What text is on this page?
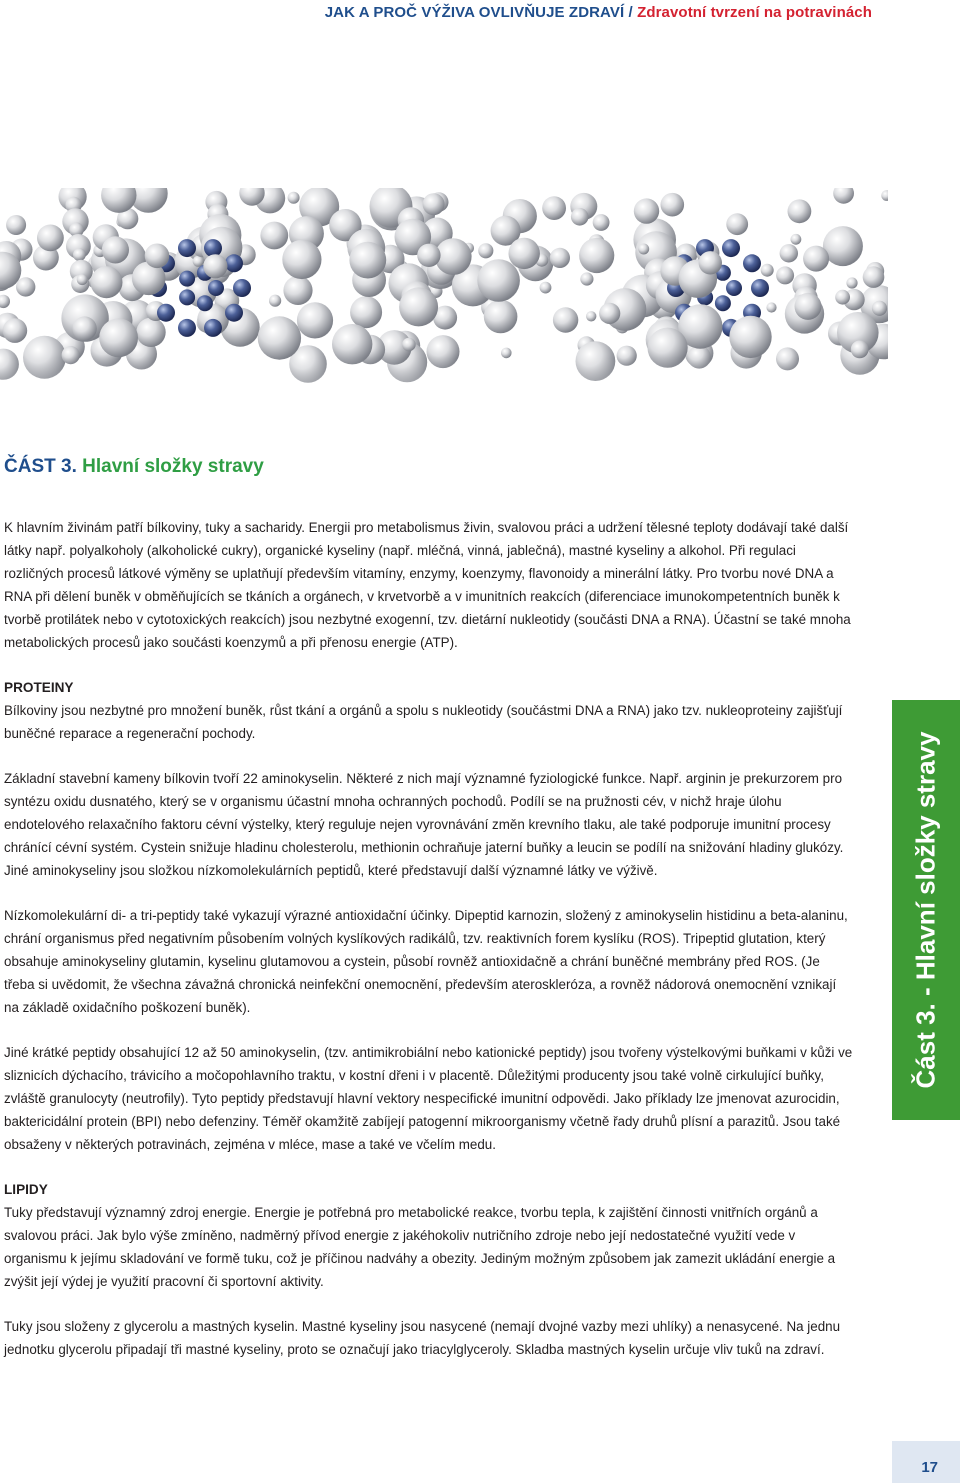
JAK A PROČ VÝŽIVA OVLIVŇUJE ZDRAVÍ / Zdravotní tvrzení na potravinách
ČÁST 3. Hlavní složky stravy

K hlavním živinám patří bílkoviny, tuky a sacharidy. Energii pro metabolismus živin, svalovou práci a udržení tělesné teploty dodávají také další látky např. polyalkoholy (alkoholické cukry), organické kyseliny (např. mléčná, vinná, jablečná), mastné kyseliny a alkohol. Při regulaci rozličných procesů látkové výměny se uplatňují především vitamíny, enzymy, koenzymy, flavonoidy a minerální látky. Pro tvorbu nové DNA a RNA při dělení buněk v obměňujících se tkáních a orgánech, v krvetvorbě a v imunitních reakcích (diferenciace imunokompetentních buněk k tvorbě protilátek nebo v cytotoxických reakcích) jsou nezbytné exogenní, tzv. dietární nukleotidy (součásti DNA a RNA). Účastní se také mnoha metabolických procesů jako součásti koenzymů a při přenosu energie (ATP).

PROTEINY

Bílkoviny jsou nezbytné pro množení buněk, růst tkání a orgánů a spolu s nukleotidy (součástmi DNA a RNA) jako tzv. nukleoproteiny zajišťují buněčné reparace a regenerační pochody.

Základní stavební kameny bílkovin tvoří 22 aminokyselin. Některé z nich mají významné fyziologické funkce. Např. arginin je prekurzorem pro syntézu oxidu dusnatého, který se v organismu účastní mnoha ochranných pochodů. Podílí se na pružnosti cév, v nichž hraje úlohu endotelového relaxačního faktoru cévní výstelky, který reguluje nejen vyrovnávání změn krevního tlaku, ale také podporuje imunitní procesy chránící cévní systém. Cystein snižuje hladinu cholesterolu, methionin ochraňuje jaterní buňky a leucin se podílí na snižování hladiny glukózy. Jiné aminokyseliny jsou složkou nízkomolekulárních peptidů, které představují další významné látky ve výživě.

Nízkomolekulární di- a tri-peptidy také vykazují výrazné antioxidační účinky. Dipeptid karnozin, složený z aminokyselin histidinu a beta-alaninu, chrání organismus před negativním působením volných kyslíkových radikálů, tzv. reaktivních forem kyslíku (ROS). Tripeptid glutation, který obsahuje aminokyseliny glutamin, kyselinu glutamovou a cystein, působí rovněž antioxidačně a chrání buněčné membrány před ROS. (Je třeba si uvědomit, že všechna závažná chronická neinfekční onemocnění, především ateroskleróza, a rovněž nádorová onemocnění vznikají na základě oxidačního poškození buněk).

Jiné krátké peptidy obsahující 12 až 50 aminokyselin, (tzv. antimikrobiální nebo kationické peptidy) jsou tvořeny výstelkovými buňkami v kůži ve sliznicích dýchacího, trávicího a močopohlavního traktu, v kostní dřeni i v placentě. Důležitými producenty jsou také volně cirkulující buňky, zvláště granulocyty (neutrofily). Tyto peptidy představují hlavní vektory nespecifické imunitní odpovědi. Jako příklady lze jmenovat azurocidin, baktericidální protein (BPI) nebo defenziny. Téměř okamžitě zabíjejí patogenní mikroorganismy včetně řady druhů plísní a parazitů. Jsou také obsaženy v některých potravinách, zejména v mléce, mase a také ve včelím medu.

LIPIDY

Tuky představují významný zdroj energie. Energie je potřebná pro metabolické reakce, tvorbu tepla, k zajištění činnosti vnitřních orgánů a svalovou práci. Jak bylo výše zmíněno, nadměrný přívod energie z jakéhokoliv nutričního zdroje nebo její nedostatečné využití vede v organismu k jejímu skladování ve formě tuku, což je příčinou nadváhy a obezity. Jediným možným způsobem jak zamezit ukládání energie a zvýšit její výdej je využití pracovní či sportovní aktivity.

Tuky jsou složeny z glycerolu a mastných kyselin. Mastné kyseliny jsou nasycené (nemají dvojné vazby mezi uhlíky) a nenasycené. Na jednu jednotku glycerolu připadají tři mastné kyseliny, proto se označují jako triacylglyceroly. Skladba mastných kyselin určuje vliv tuků na zdraví.

Část 3. - Hlavní složky stravy
17
